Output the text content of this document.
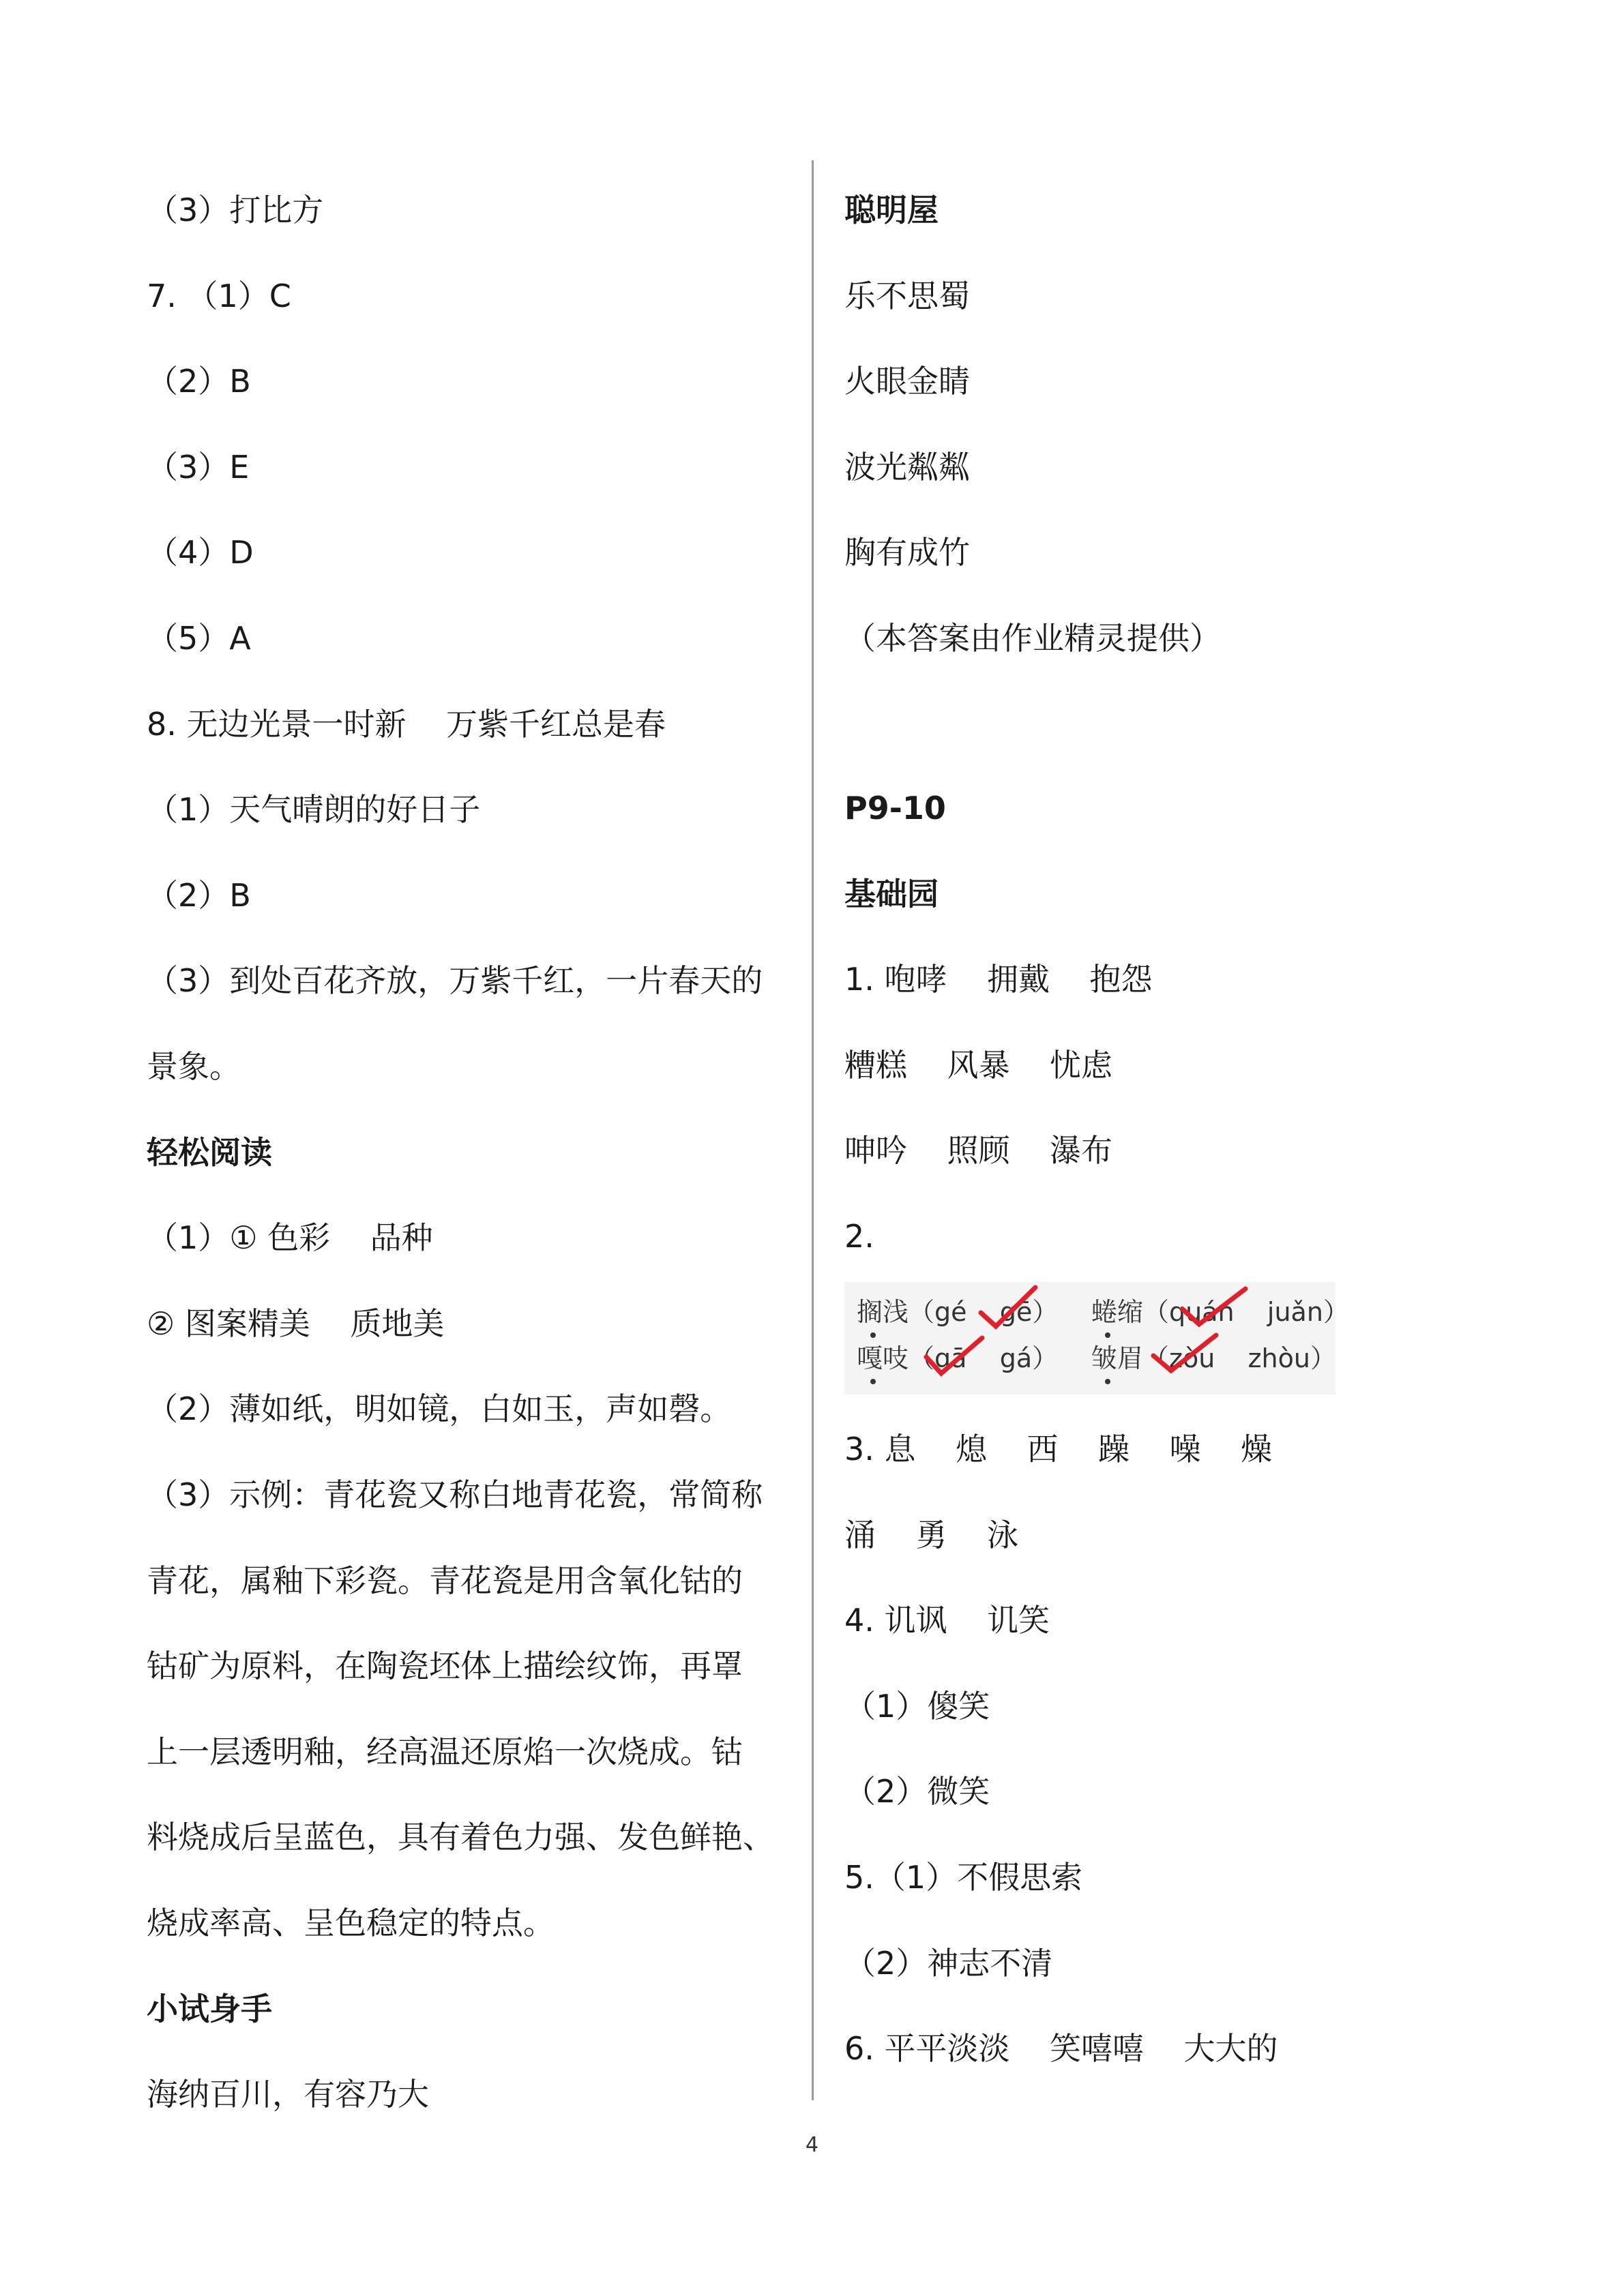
（3）打比方
7. （1）C
（2）B
（3）E
（4）D
（5）A
8. 无边光景一时新    万紫千红总是春
（1）天气晴朗的好日子
（2）B
（3）到处百花齐放，万紫千红，一片春天的
景象。
轻松阅读
（1）① 色彩    品种
② 图案精美    质地美
（2）薄如纸，明如镜，白如玉，声如磬。
（3）示例：青花瓷又称白地青花瓷，常简称
青花，属釉下彩瓷。青花瓷是用含氧化钴的
钴矿为原料，在陶瓷坯体上描绘纹饰，再罩
上一层透明釉，经高温还原焰一次烧成。钴
料烧成后呈蓝色，具有着色力强、发色鲜艳、
烧成率高、呈色稳定的特点。
小试身手
海纳百川，有容乃大
聪明屋
乐不思蜀
火眼金睛
波光粼粼
胸有成竹
（本答案由作业精灵提供）
P9-10
基础园
1. 咆哮    拥戴    抱怨
糟糕    风暴    忧虑
呻吟    照顾    瀑布
2.
3. 息    熄    西    躁    噪    燥
涌    勇    泳
4. 讥讽    讥笑
（1）傻笑
（2）微笑
5.（1）不假思索
（2）神志不清
6. 平平淡淡    笑嘻嘻    大大的
搁浅（gé    gē） 蜷缩（quán    juǎn）
嘎吱（gā    gá） 皱眉（zòu    zhòu）
4
